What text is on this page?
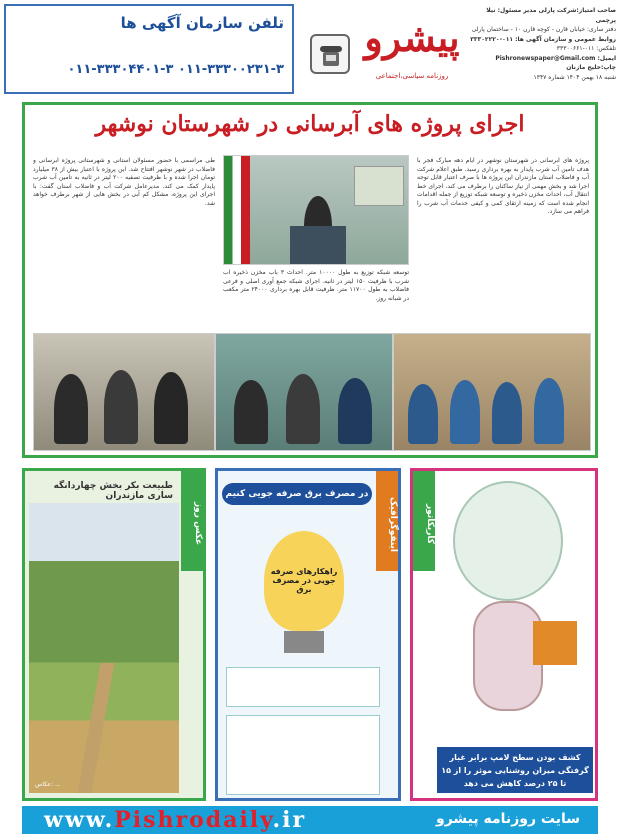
تلفن سازمان آگهی ها
۰۱۱-۳۳۳۰۴۴۰۱-۳ ۰۱۱-۳۳۳۰۰۲۳۱-۳
پیشرو
روزنامه سیاسی،اجتماعی
صاحب امتیاز:شرکت پارلی مدیر مسئول: نیلا پرچمی
دفتر ساری: خیابان قارن - کوچه قارن ۱۰ - ساختمان پارلی
روابط عمومی و سازمان آگهی ها: ۰۱۱-۳۳۳۰۲۲۲۰
تلفکس: ۰۱۱-۳۳۳۰۰۶۶۱
ایمیل: Pishronewspaper@Gmail.com چاپ:خلیج مازنان
شنبه ۱۸ بهمن ۱۴۰۴ شماره ۱۳۴۷
اجرای پروژه های آبرسانی در شهرستان نوشهر
پروژه های آبرسانی در شهرستان نوشهر در ایام دهه مبارک فجر با هدف تامین آب شرب پایدار به بهره برداری رسید. طبق اعلام شرکت آب و فاضلاب استان مازندران این پروژه ها با صرف اعتبار قابل توجه اجرا شد و بخش مهمی از نیاز ساکنان را برطرف می کند. اجرای خط انتقال آب، احداث مخزن ذخیره و توسعه شبکه توزیع از جمله اقدامات انجام شده است که زمینه ارتقای کمی و کیفی خدمات آب شرب را فراهم می سازد.
توسعه شبکه توزیع به طول ۱۰۰۰۰ متر. احداث ۳ باب مخزن ذخیره آب شرب با ظرفیت ۱۵۰ لیتر در ثانیه. اجرای شبکه جمع آوری اصلی و فرعی فاضلاب به طول ۱۱۷۰۰ متر. ظرفیت قابل بهره برداری ۲۴۰۰۰ متر مکعب در شبانه روز.
طی مراسمی با حضور مسئولان استانی و شهرستانی پروژه آبرسانی و فاضلاب در شهر نوشهر افتتاح شد. این پروژه با اعتبار بیش از ۳۸ میلیارد تومان اجرا شده و با ظرفیت تصفیه ۲۰۰ لیتر در ثانیه به تامین آب شرب پایدار کمک می کند. مدیرعامل شرکت آب و فاضلاب استان گفت: با اجرای این پروژه، مشکل کم آبی در بخش هایی از شهر برطرف خواهد شد.
طبیعت بکر بخش چهاردانگه ساری مازندران
عکس روز
عکاس: ...
در مصرف برق صرفه جویی کنیم
اینفوگرافیک
راهکارهای صرفه جویی در مصرف برق
کاریکاتور
کشف بودن سطح لامپ برابر غبار گرفتگی میزان روشنایی موثر را از ۱۵ تا ۲۵ درصد کاهش می دهد
www.Pishrodaily.ir	سایت روزنامه پیشرو
